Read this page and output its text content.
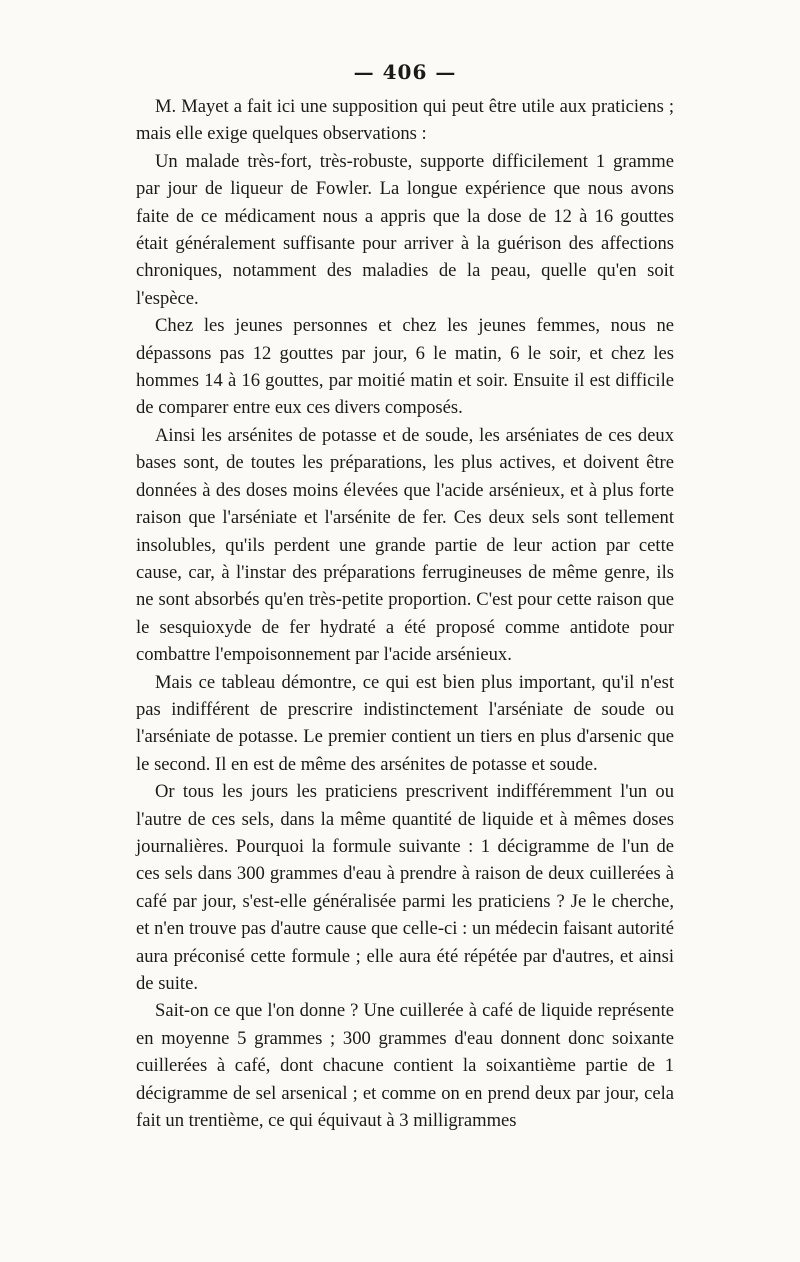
— 406 —

M. Mayet a fait ici une supposition qui peut être utile aux praticiens ; mais elle exige quelques observations :

Un malade très-fort, très-robuste, supporte difficilement 1 gramme par jour de liqueur de Fowler. La longue expérience que nous avons faite de ce médicament nous a appris que la dose de 12 à 16 gouttes était généralement suffisante pour arriver à la guérison des affections chroniques, notamment des maladies de la peau, quelle qu'en soit l'espèce.

Chez les jeunes personnes et chez les jeunes femmes, nous ne dépassons pas 12 gouttes par jour, 6 le matin, 6 le soir, et chez les hommes 14 à 16 gouttes, par moitié matin et soir. Ensuite il est difficile de comparer entre eux ces divers composés.

Ainsi les arsénites de potasse et de soude, les arséniates de ces deux bases sont, de toutes les préparations, les plus actives, et doivent être données à des doses moins élevées que l'acide arsénieux, et à plus forte raison que l'arséniate et l'arsénite de fer. Ces deux sels sont tellement insolubles, qu'ils perdent une grande partie de leur action par cette cause, car, à l'instar des préparations ferrugineuses de même genre, ils ne sont absorbés qu'en très-petite proportion. C'est pour cette raison que le sesquioxyde de fer hydraté a été proposé comme antidote pour combattre l'empoisonnement par l'acide arsénieux.

Mais ce tableau démontre, ce qui est bien plus important, qu'il n'est pas indifférent de prescrire indistinctement l'arséniate de soude ou l'arséniate de potasse. Le premier contient un tiers en plus d'arsenic que le second. Il en est de même des arsénites de potasse et soude.

Or tous les jours les praticiens prescrivent indifféremment l'un ou l'autre de ces sels, dans la même quantité de liquide et à mêmes doses journalières. Pourquoi la formule suivante : 1 décigramme de l'un de ces sels dans 300 grammes d'eau à prendre à raison de deux cuillerées à café par jour, s'est-elle généralisée parmi les praticiens ? Je le cherche, et n'en trouve pas d'autre cause que celle-ci : un médecin faisant autorité aura préconisé cette formule ; elle aura été répétée par d'autres, et ainsi de suite.

Sait-on ce que l'on donne ? Une cuillerée à café de liquide représente en moyenne 5 grammes ; 300 grammes d'eau donnent donc soixante cuillerées à café, dont chacune contient la soixantième partie de 1 décigramme de sel arsenical ; et comme on en prend deux par jour, cela fait un trentième, ce qui équivaut à 3 milligrammes
